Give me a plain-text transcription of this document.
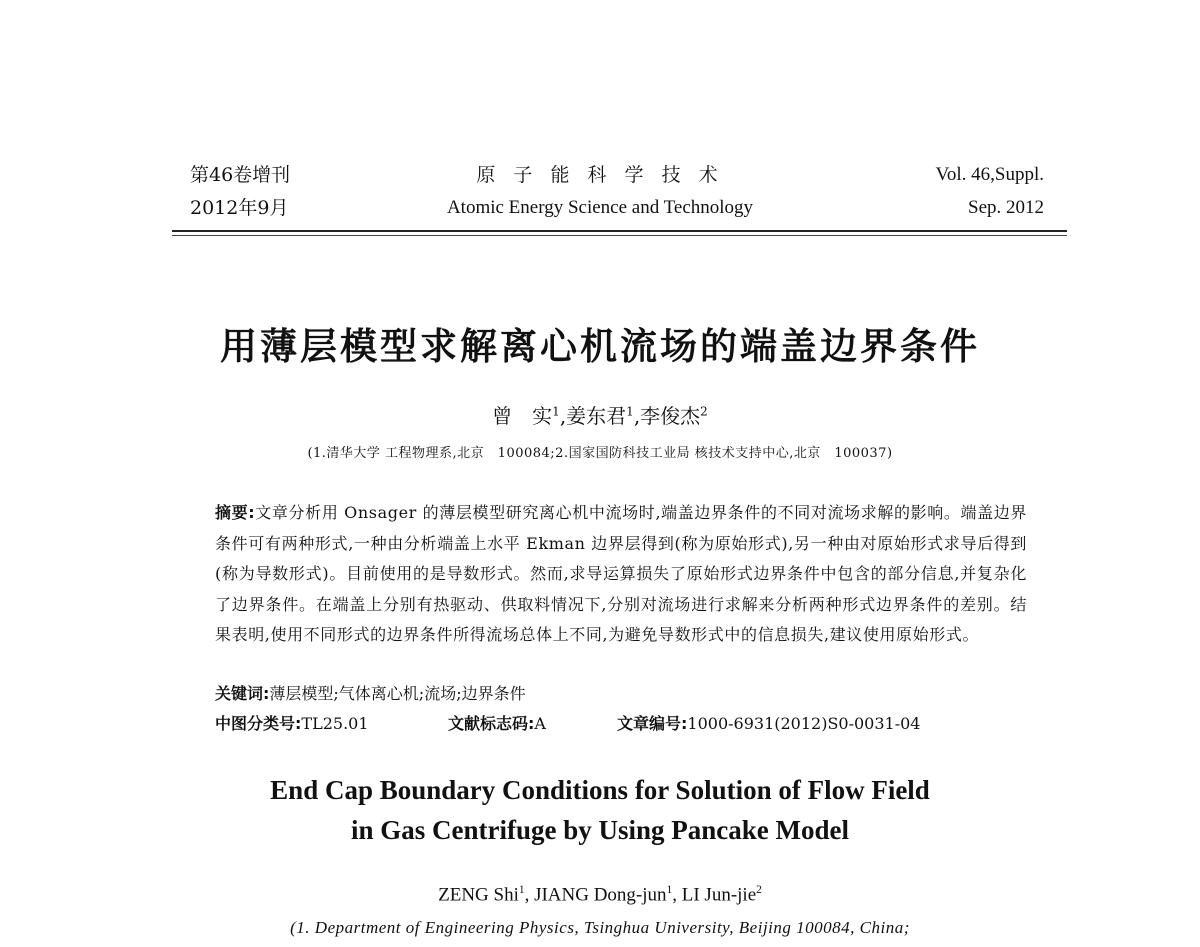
第46卷增刊
2012年9月
原 子 能 科 学 技 术
Atomic Energy Science and Technology
Vol. 46,Suppl.
Sep. 2012
用薄层模型求解离心机流场的端盖边界条件
曾　实$^1$,姜东君$^1$,李俊杰$^2$
(1.清华大学 工程物理系,北京　100084;2.国家国防科技工业局 核技术支持中心,北京　100037)
摘要:文章分析用 Onsager 的薄层模型研究离心机中流场时,端盖边界条件的不同对流场求解的影响。端盖边界条件可有两种形式,一种由分析端盖上水平 Ekman 边界层得到(称为原始形式),另一种由对原始形式求导后得到(称为导数形式)。目前使用的是导数形式。然而,求导运算损失了原始形式边界条件中包含的部分信息,并复杂化了边界条件。在端盖上分别有热驱动、供取料情况下,分别对流场进行求解来分析两种形式边界条件的差别。结果表明,使用不同形式的边界条件所得流场总体上不同,为避免导数形式中的信息损失,建议使用原始形式。
关键词:薄层模型;气体离心机;流场;边界条件
中图分类号:TL25.01	文献标志码:A	文章编号:1000-6931(2012)S0-0031-04
End Cap Boundary Conditions for Solution of Flow Field
in Gas Centrifuge by Using Pancake Model
ZENG Shi$^1$, JIANG Dong-jun$^1$, LI Jun-jie$^2$
(1. Department of Engineering Physics, Tsinghua University, Beijing 100084, China;
